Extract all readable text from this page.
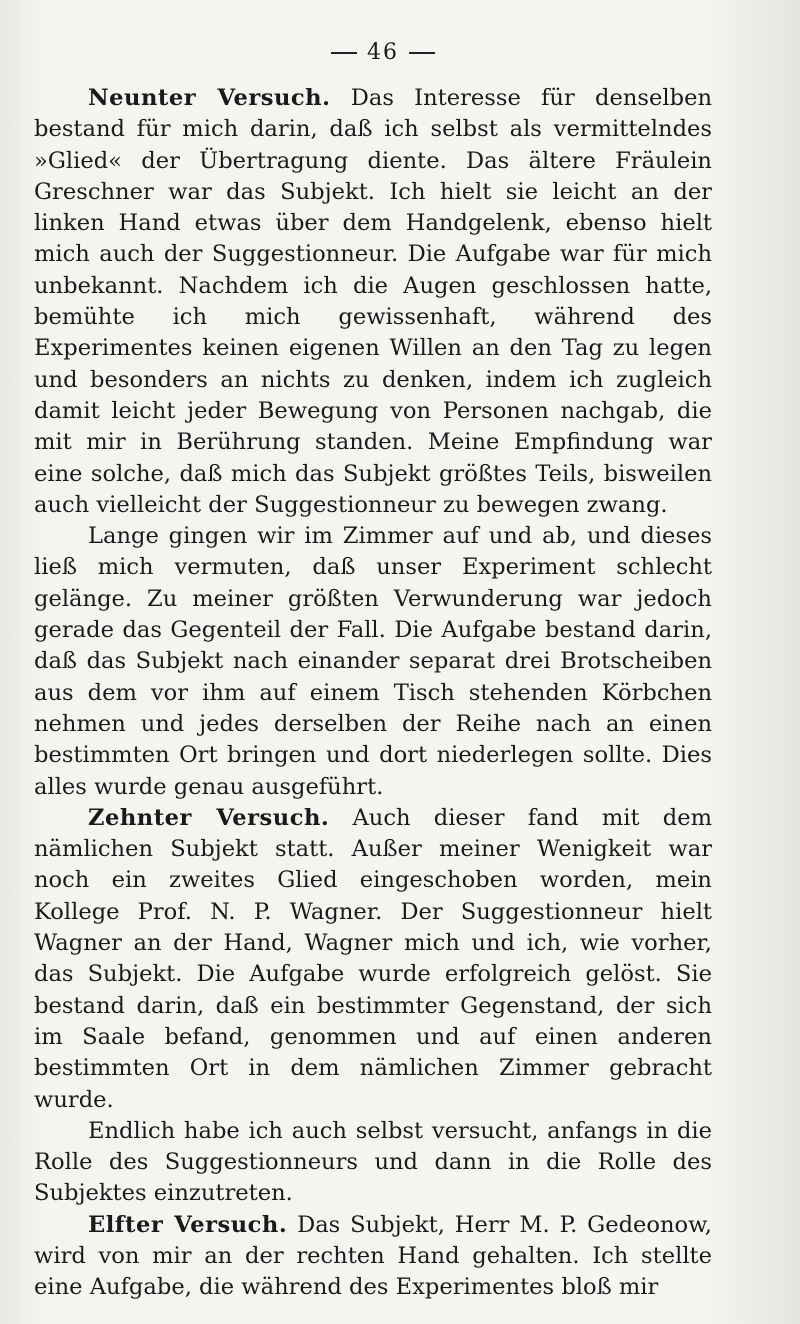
46

Neunter Versuch. Das Interesse für denselben bestand für mich darin, daß ich selbst als vermittelndes »Glied« der Übertragung diente. Das ältere Fräulein Greschner war das Subjekt. Ich hielt sie leicht an der linken Hand etwas über dem Handgelenk, ebenso hielt mich auch der Suggestionneur. Die Aufgabe war für mich unbekannt. Nachdem ich die Augen geschlossen hatte, bemühte ich mich gewissenhaft, während des Experimentes keinen eigenen Willen an den Tag zu legen und besonders an nichts zu denken, indem ich zugleich damit leicht jeder Bewegung von Personen nachgab, die mit mir in Berührung standen. Meine Empfindung war eine solche, daß mich das Subjekt größtes Teils, bisweilen auch vielleicht der Suggestionneur zu bewegen zwang.

Lange gingen wir im Zimmer auf und ab, und dieses ließ mich vermuten, daß unser Experiment schlecht gelänge. Zu meiner größten Verwunderung war jedoch gerade das Gegenteil der Fall. Die Aufgabe bestand darin, daß das Subjekt nach einander separat drei Brotscheiben aus dem vor ihm auf einem Tisch stehenden Körbchen nehmen und jedes derselben der Reihe nach an einen bestimmten Ort bringen und dort niederlegen sollte. Dies alles wurde genau ausgeführt.

Zehnter Versuch. Auch dieser fand mit dem nämlichen Subjekt statt. Außer meiner Wenigkeit war noch ein zweites Glied eingeschoben worden, mein Kollege Prof. N. P. Wagner. Der Suggestionneur hielt Wagner an der Hand, Wagner mich und ich, wie vorher, das Subjekt. Die Aufgabe wurde erfolgreich gelöst. Sie bestand darin, daß ein bestimmter Gegenstand, der sich im Saale befand, genommen und auf einen anderen bestimmten Ort in dem nämlichen Zimmer gebracht wurde.

Endlich habe ich auch selbst versucht, anfangs in die Rolle des Suggestionneurs und dann in die Rolle des Subjektes einzutreten.

Elfter Versuch. Das Subjekt, Herr M. P. Gedeonow, wird von mir an der rechten Hand gehalten. Ich stellte eine Aufgabe, die während des Experimentes bloß mir
